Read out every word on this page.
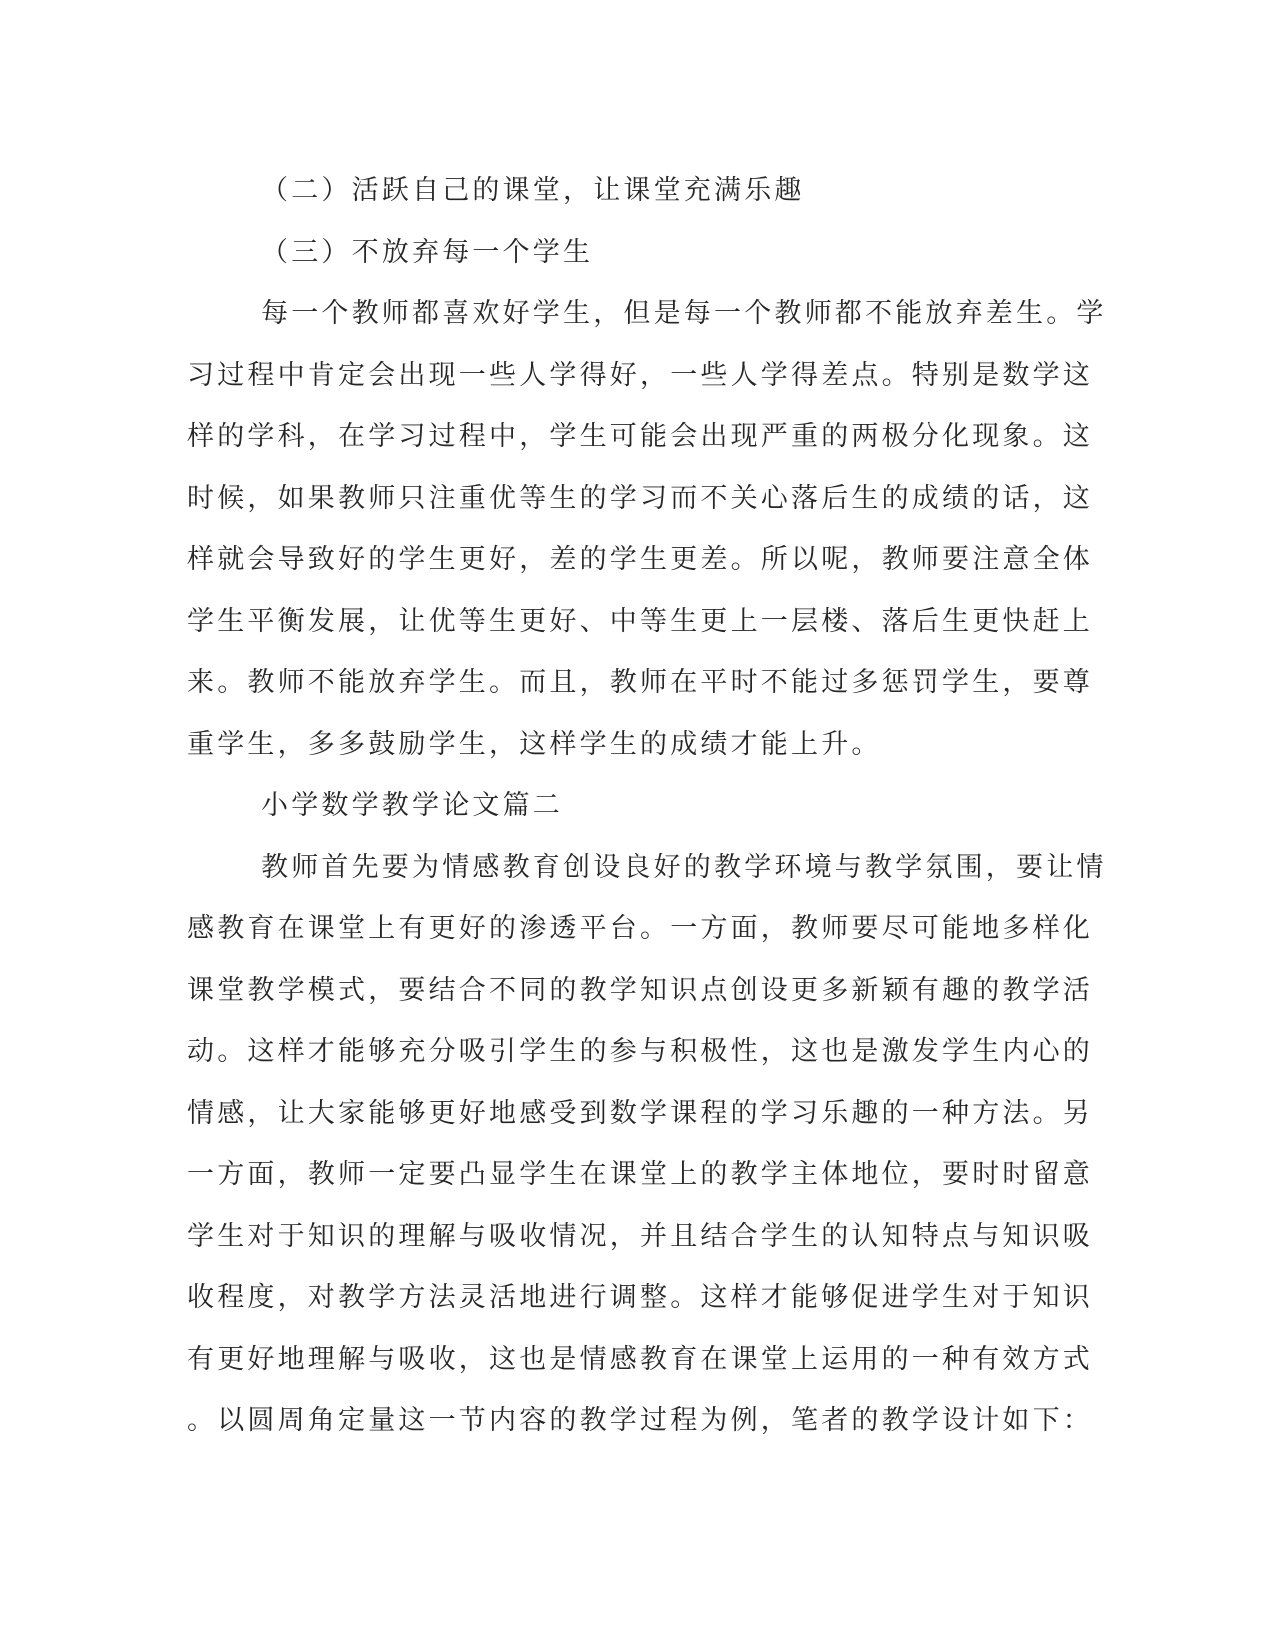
（二）活跃自己的课堂，让课堂充满乐趣
（三）不放弃每一个学生
每一个教师都喜欢好学生，但是每一个教师都不能放弃差生。学
习过程中肯定会出现一些人学得好，一些人学得差点。特别是数学这
样的学科，在学习过程中，学生可能会出现严重的两极分化现象。这
时候，如果教师只注重优等生的学习而不关心落后生的成绩的话，这
样就会导致好的学生更好，差的学生更差。所以呢，教师要注意全体
学生平衡发展，让优等生更好、中等生更上一层楼、落后生更快赶上
来。教师不能放弃学生。而且，教师在平时不能过多惩罚学生，要尊
重学生，多多鼓励学生，这样学生的成绩才能上升。
小学数学教学论文篇二
教师首先要为情感教育创设良好的教学环境与教学氛围，要让情
感教育在课堂上有更好的渗透平台。一方面，教师要尽可能地多样化
课堂教学模式，要结合不同的教学知识点创设更多新颖有趣的教学活
动。这样才能够充分吸引学生的参与积极性，这也是激发学生内心的
情感，让大家能够更好地感受到数学课程的学习乐趣的一种方法。另
一方面，教师一定要凸显学生在课堂上的教学主体地位，要时时留意
学生对于知识的理解与吸收情况，并且结合学生的认知特点与知识吸
收程度，对教学方法灵活地进行调整。这样才能够促进学生对于知识
有更好地理解与吸收，这也是情感教育在课堂上运用的一种有效方式
。以圆周角定量这一节内容的教学过程为例，笔者的教学设计如下：
